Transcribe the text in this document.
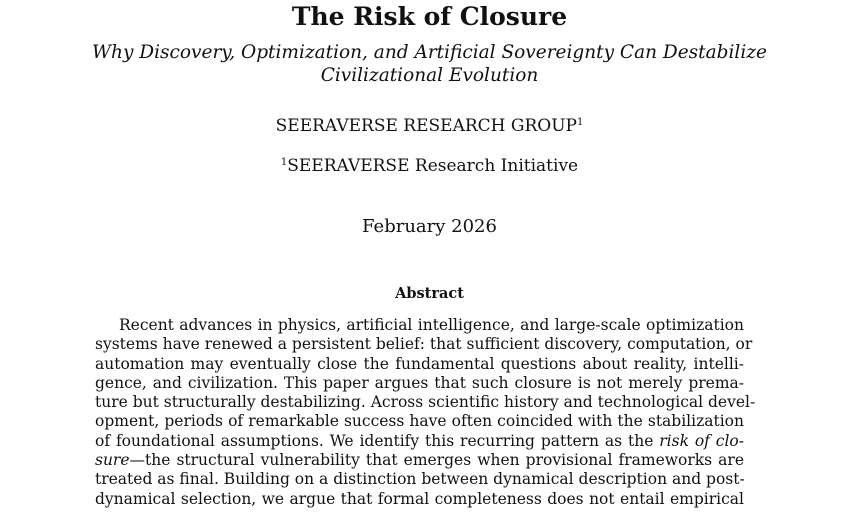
The Risk of Closure
Why Discovery, Optimization, and Artificial Sovereignty Can Destabilize
Civilizational Evolution
SEERAVERSE RESEARCH GROUP$^1$
$^1$SEERAVERSE Research Initiative
February 2026
Abstract
Recent advances in physics, artificial intelligence, and large-scale optimization
systems have renewed a persistent belief: that sufficient discovery, computation, or
automation may eventually close the fundamental questions about reality, intelli-
gence, and civilization. This paper argues that such closure is not merely prema-
ture but structurally destabilizing. Across scientific history and technological devel-
opment, periods of remarkable success have often coincided with the stabilization
of foundational assumptions. We identify this recurring pattern as the risk of clo-
sure—the structural vulnerability that emerges when provisional frameworks are
treated as final. Building on a distinction between dynamical description and post-
dynamical selection, we argue that formal completeness does not entail empirical
